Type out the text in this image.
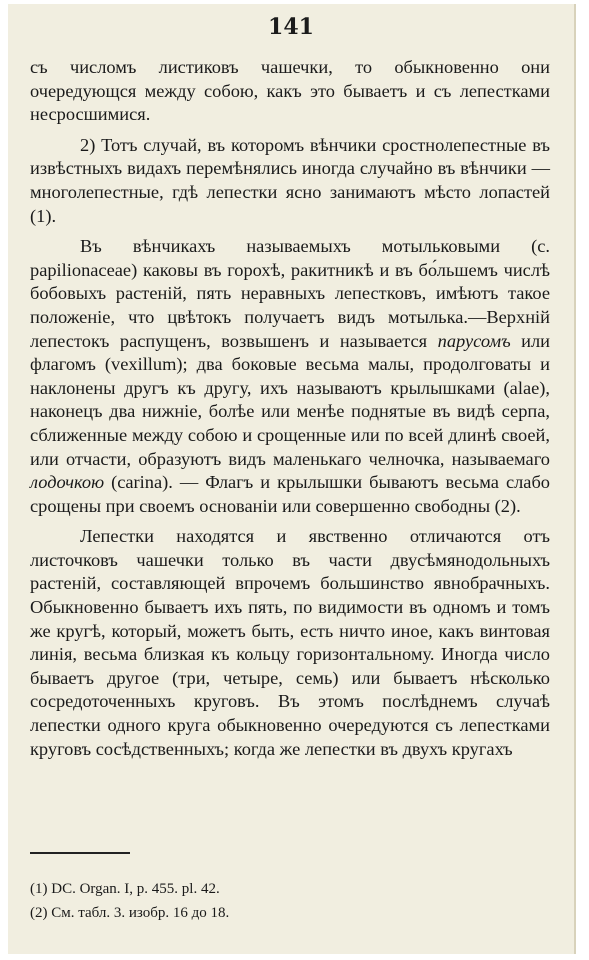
141

съ числомъ листиковъ чашечки, то обыкновенно они очередующся между собою, какъ это бываетъ и съ лепестками несросшимися.

2) Тотъ случай, въ которомъ вѣнчики сростнолепестные въ извѣстныхъ видахъ перемѣнялись иногда случайно въ вѣнчики — многолепестные, гдѣ лепестки ясно занимаютъ мѣсто лопастей (1).

Въ вѣнчикахъ называемыхъ мотыльковыми (с. papilionaceae) каковы въ горохѣ, ракитникѣ и въ бо́льшемъ числѣ бобовыхъ растеній, пять неравныхъ лепестковъ, имѣютъ такое положеніе, что цвѣтокъ получаетъ видъ мотылька.—Верхній лепестокъ распущенъ, возвышенъ и называется парусомъ или флагомъ (vexillum); два боковые весьма малы, продолговаты и наклонены другъ къ другу, ихъ называютъ крылышками (alae), наконецъ два нижніе, болѣе или менѣе поднятые въ видѣ серпа, сближенные между собою и срощенные или по всей длинѣ своей, или отчасти, образуютъ видъ маленькаго челночка, называемаго лодочкою (carina). — Флагъ и крылышки бываютъ весьма слабо срощены при своемъ основаніи или совершенно свободны (2).

Лепестки находятся и явственно отличаются отъ листочковъ чашечки только въ части двусѣмянодольныхъ растеній, составляющей впрочемъ большинство явнобрачныхъ. Обыкновенно бываетъ ихъ пять, по видимости въ одномъ и томъ же кругѣ, который, можетъ быть, есть ничто иное, какъ винтовая линія, весьма близкая къ кольцу горизонтальному. Иногда число бываетъ другое (три, четыре, семь) или бываетъ нѣсколько сосредоточенныхъ круговъ. Въ этомъ послѣднемъ случаѣ лепестки одного круга обыкновенно очередуются съ лепестками круговъ сосѣдственныхъ; когда же лепестки въ двухъ кругахъ

(1) DC. Organ. I, p. 455. pl. 42.
(2) См. табл. 3. изобр. 16 до 18.
